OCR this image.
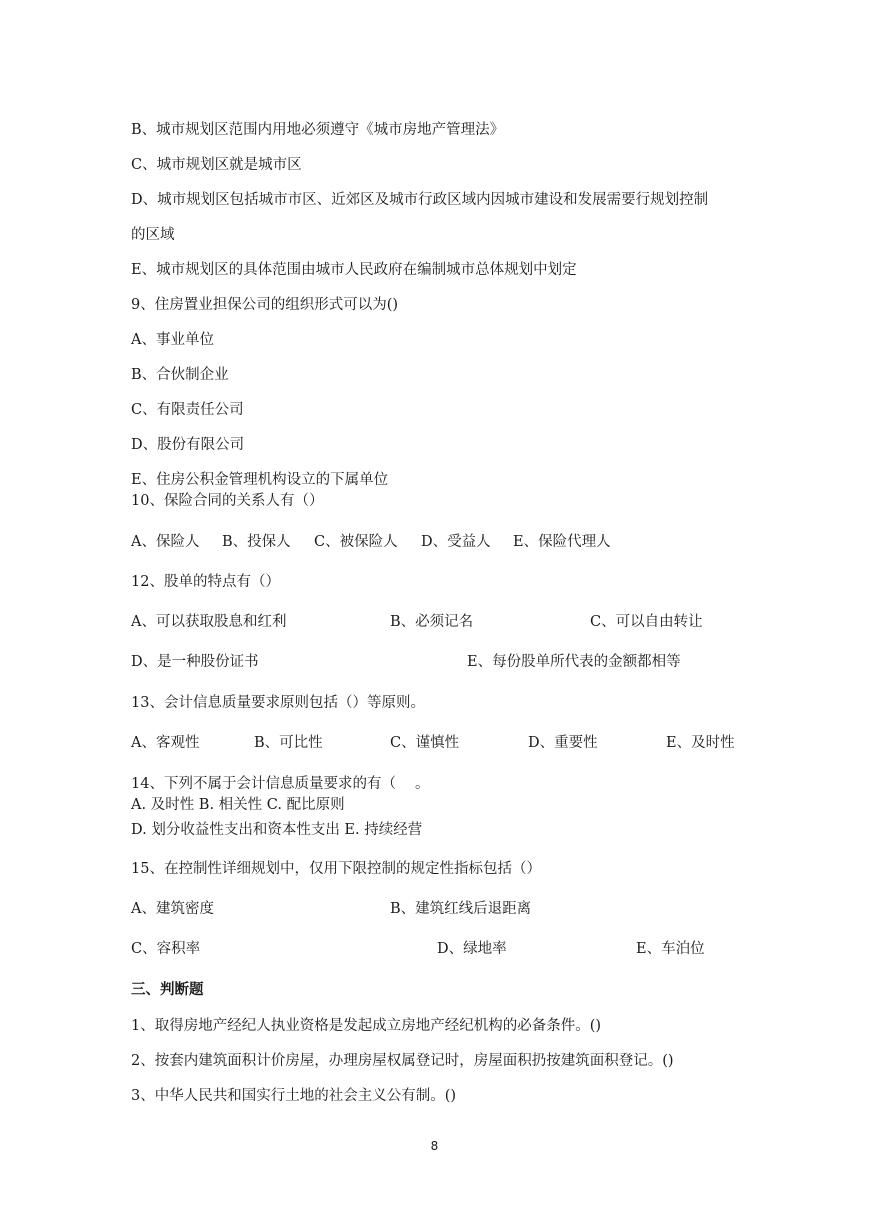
B、城市规划区范围内用地必须遵守《城市房地产管理法》
C、城市规划区就是城市区
D、城市规划区包括城市市区、近郊区及城市行政区域内因城市建设和发展需要行规划控制
的区域
E、城市规划区的具体范围由城市人民政府在编制城市总体规划中划定
9、住房置业担保公司的组织形式可以为()
A、事业单位
B、合伙制企业
C、有限责任公司
D、股份有限公司
E、住房公积金管理机构设立的下属单位
10、保险合同的关系人有（）
A、保险人 B、投保人 C、被保险人 D、受益人 E、保险代理人
12、股单的特点有（）
A、可以获取股息和红利	B、必须记名	C、可以自由转让
D、是一种股份证书	E、每份股单所代表的金额都相等
13、会计信息质量要求原则包括（）等原则。
A、客观性	B、可比性	C、谨慎性	D、重要性	E、及时性
14、下列不属于会计信息质量要求的有（　 。
A. 及时性 B. 相关性 C. 配比原则
D. 划分收益性支出和资本性支出 E. 持续经营
15、在控制性详细规划中，仅用下限控制的规定性指标包括（）
A、建筑密度	B、建筑红线后退距离
C、容积率	D、绿地率	E、车泊位
三、判断题
1、取得房地产经纪人执业资格是发起成立房地产经纪机构的必备条件。()
2、按套内建筑面积计价房屋，办理房屋权属登记时，房屋面积扔按建筑面积登记。()
3、中华人民共和国实行土地的社会主义公有制。()
8
